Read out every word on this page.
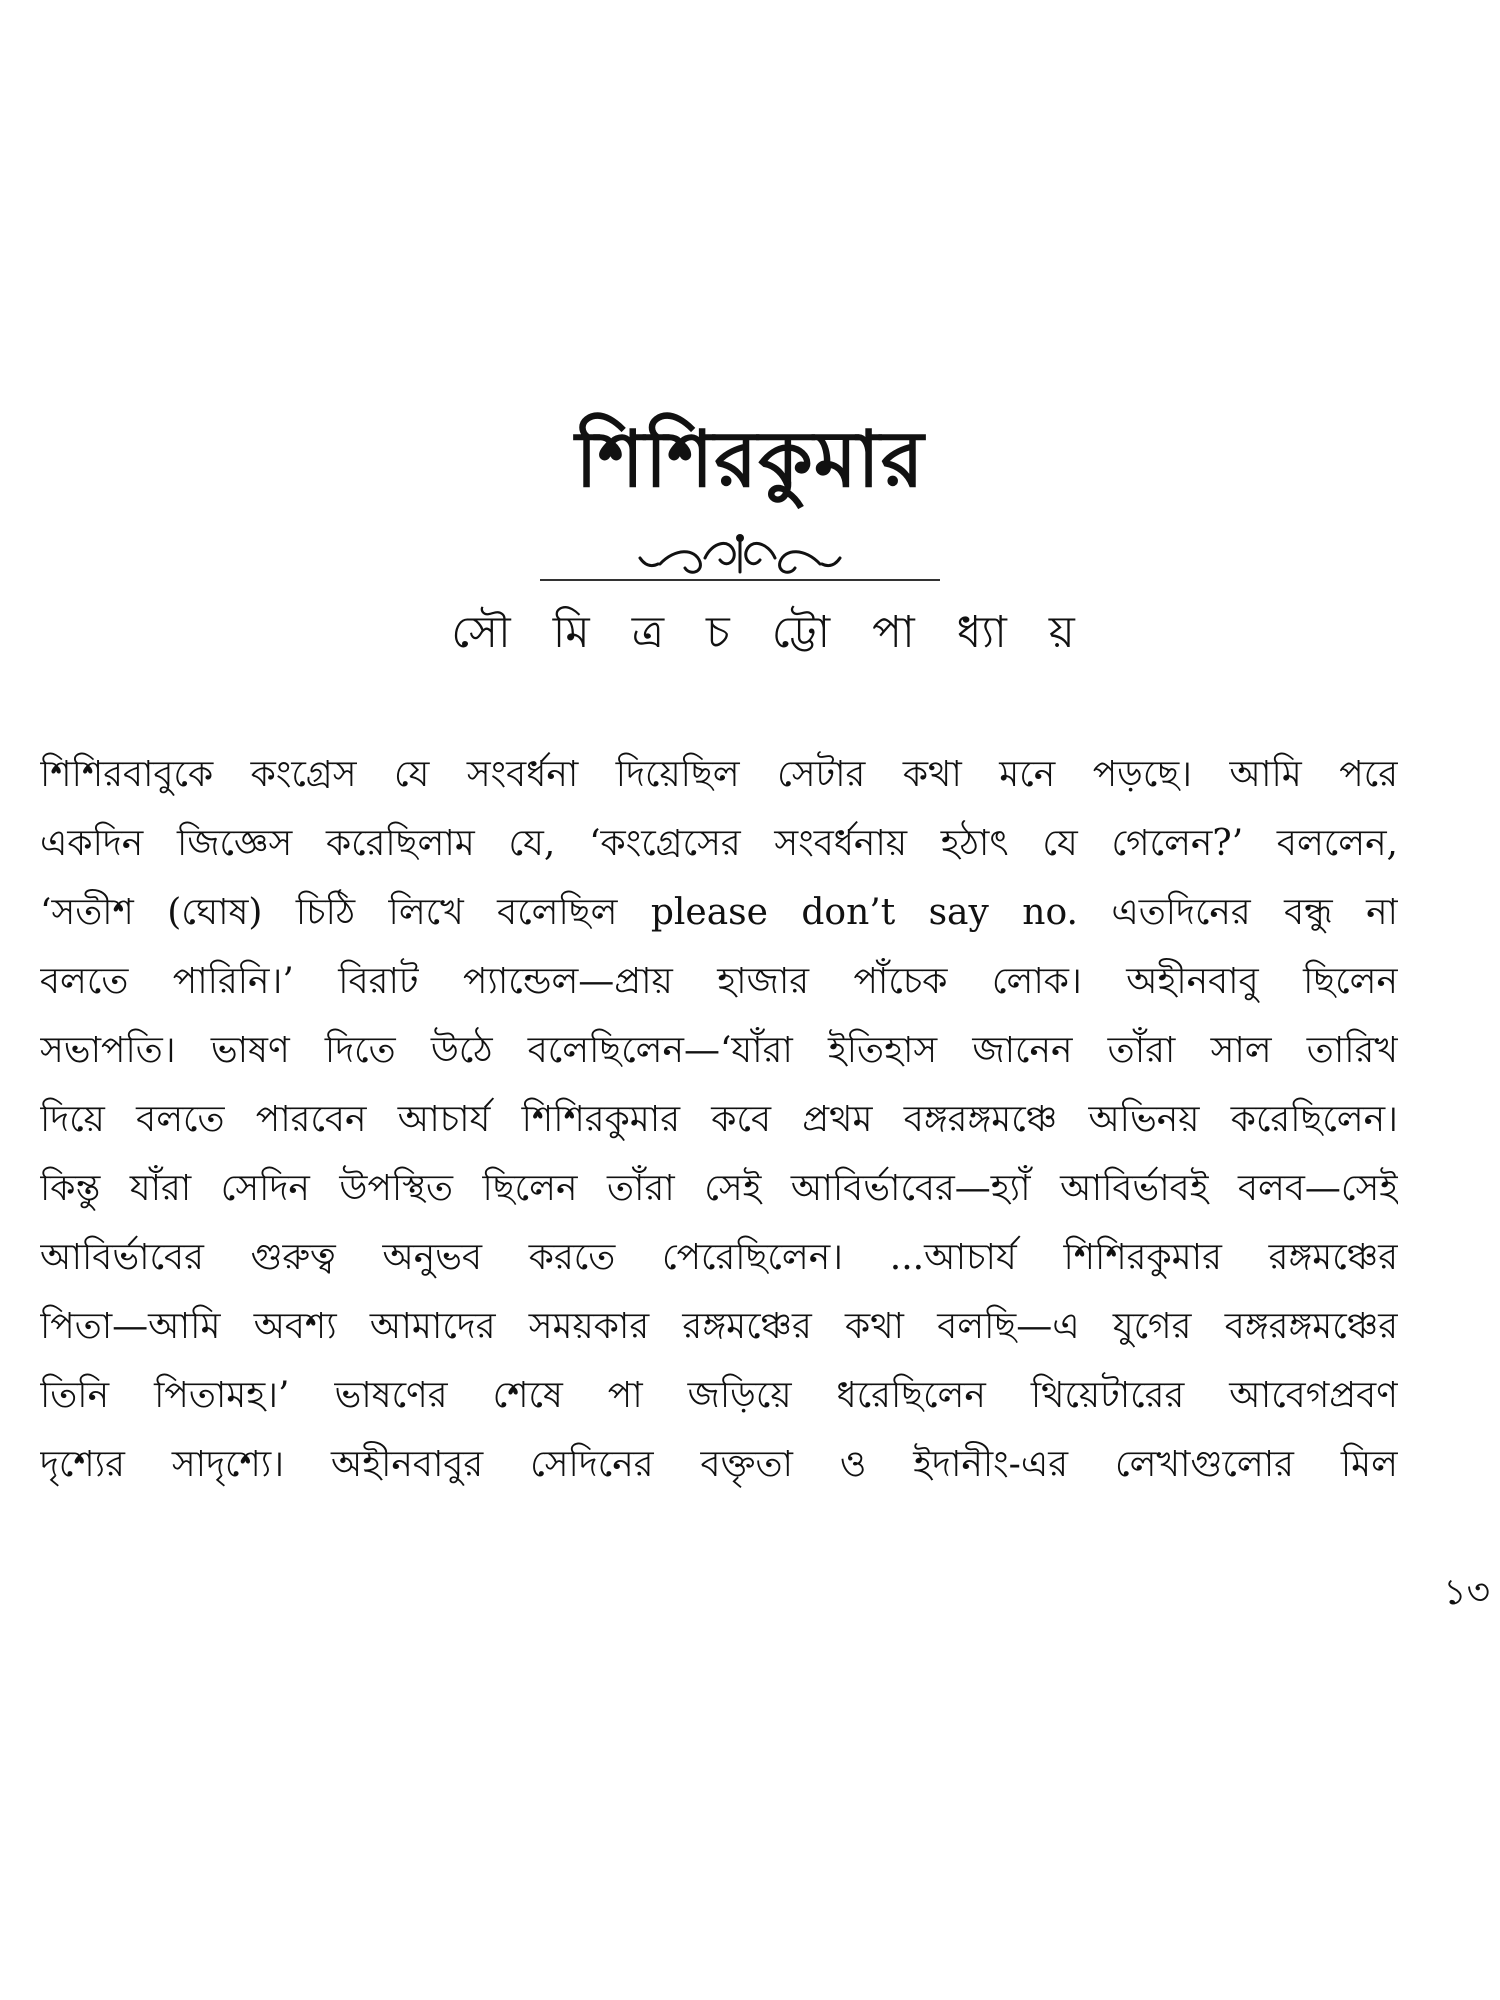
শিশিরকুমার
সৌ মি ত্র চ ট্টো পা ধ্যা য়
শিশিরবাবুকে কংগ্রেস যে সংবর্ধনা দিয়েছিল সেটার কথা মনে পড়ছে। আমি পরে
একদিন জিজ্ঞেস করেছিলাম যে, ‘কংগ্রেসের সংবর্ধনায় হঠাৎ যে গেলেন?’ বললেন,
‘সতীশ (ঘোষ) চিঠি লিখে বলেছিল please don’t say no. এতদিনের বন্ধু না
বলতে পারিনি।’ বিরাট প্যান্ডেল—প্রায় হাজার পাঁচেক লোক। অহীনবাবু ছিলেন
সভাপতি। ভাষণ দিতে উঠে বলেছিলেন—‘যাঁরা ইতিহাস জানেন তাঁরা সাল তারিখ
দিয়ে বলতে পারবেন আচার্য শিশিরকুমার কবে প্রথম বঙ্গরঙ্গমঞ্চে অভিনয় করেছিলেন।
কিন্তু যাঁরা সেদিন উপস্থিত ছিলেন তাঁরা সেই আবির্ভাবের—হ্যাঁ আবির্ভাবই বলব—সেই
আবির্ভাবের গুরুত্ব অনুভব করতে পেরেছিলেন। ...আচার্য শিশিরকুমার রঙ্গমঞ্চের
পিতা—আমি অবশ্য আমাদের সময়কার রঙ্গমঞ্চের কথা বলছি—এ যুগের বঙ্গরঙ্গমঞ্চের
তিনি পিতামহ।’ ভাষণের শেষে পা জড়িয়ে ধরেছিলেন থিয়েটারের আবেগপ্রবণ
দৃশ্যের সাদৃশ্যে। অহীনবাবুর সেদিনের বক্তৃতা ও ইদানীং-এর লেখাগুলোর মিল
১৩
